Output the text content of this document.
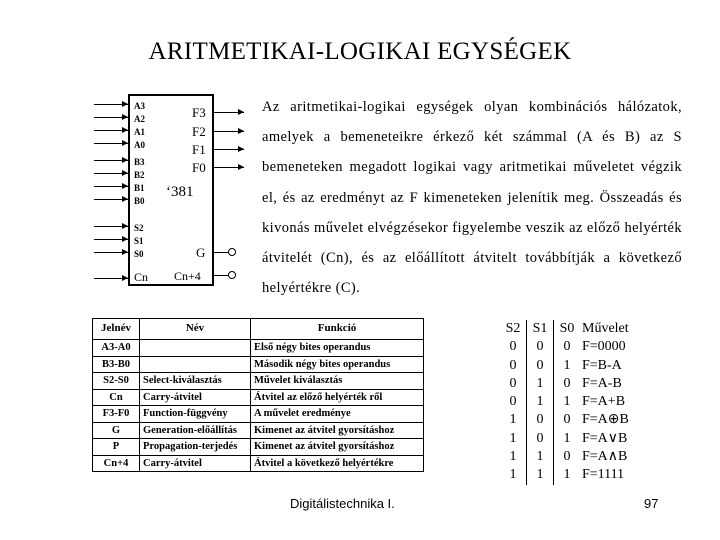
ARITMETIKAI-LOGIKAI EGYSÉGEK
A3
A2
A1
A0
B3
B2
B1
B0
S2
S1
S0
Cn
‘381
F3
F2
F1
F0
G
Cn+4
Az aritmetikai-logikai egységek olyan kombinációs hálózatok, amelyek a bemeneteikre érkező két számmal (A és B) az S bemeneteken megadott logikai vagy aritmetikai műveletet végzik el, és az eredményt az F kimeneteken jelenítik meg. Összeadás és kivonás művelet elvégzésekor figyelembe veszik az előző helyérték átvitelét (Cn), és az előállított átvitelt továbbítják a következő helyértékre (C).
Jelnév	Név	Funkció
A3-A0		Első négy bites operandus
B3-B0		Második négy bites operandus
S2-S0	Select-kiválasztás	Művelet kiválasztás
Cn	Carry-átvitel	Átvitel az előző helyérték ről
F3-F0	Function-függvény	A művelet eredménye
G	Generation-előállítás	Kimenet az átvitel gyorsításhoz
P	Propagation-terjedés	Kimenet az átvitel gyorsításhoz
Cn+4	Carry-átvitel	Átvitel a következő helyértékre
S2	S1	S0	Művelet
0	0	0	F=0000
0	0	1	F=B-A
0	1	0	F=A-B
0	1	1	F=A+B
1	0	0	F=A⊕B
1	0	1	F=A∨B
1	1	0	F=A∧B
1	1	1	F=1111
Digitálistechnika I.	97
